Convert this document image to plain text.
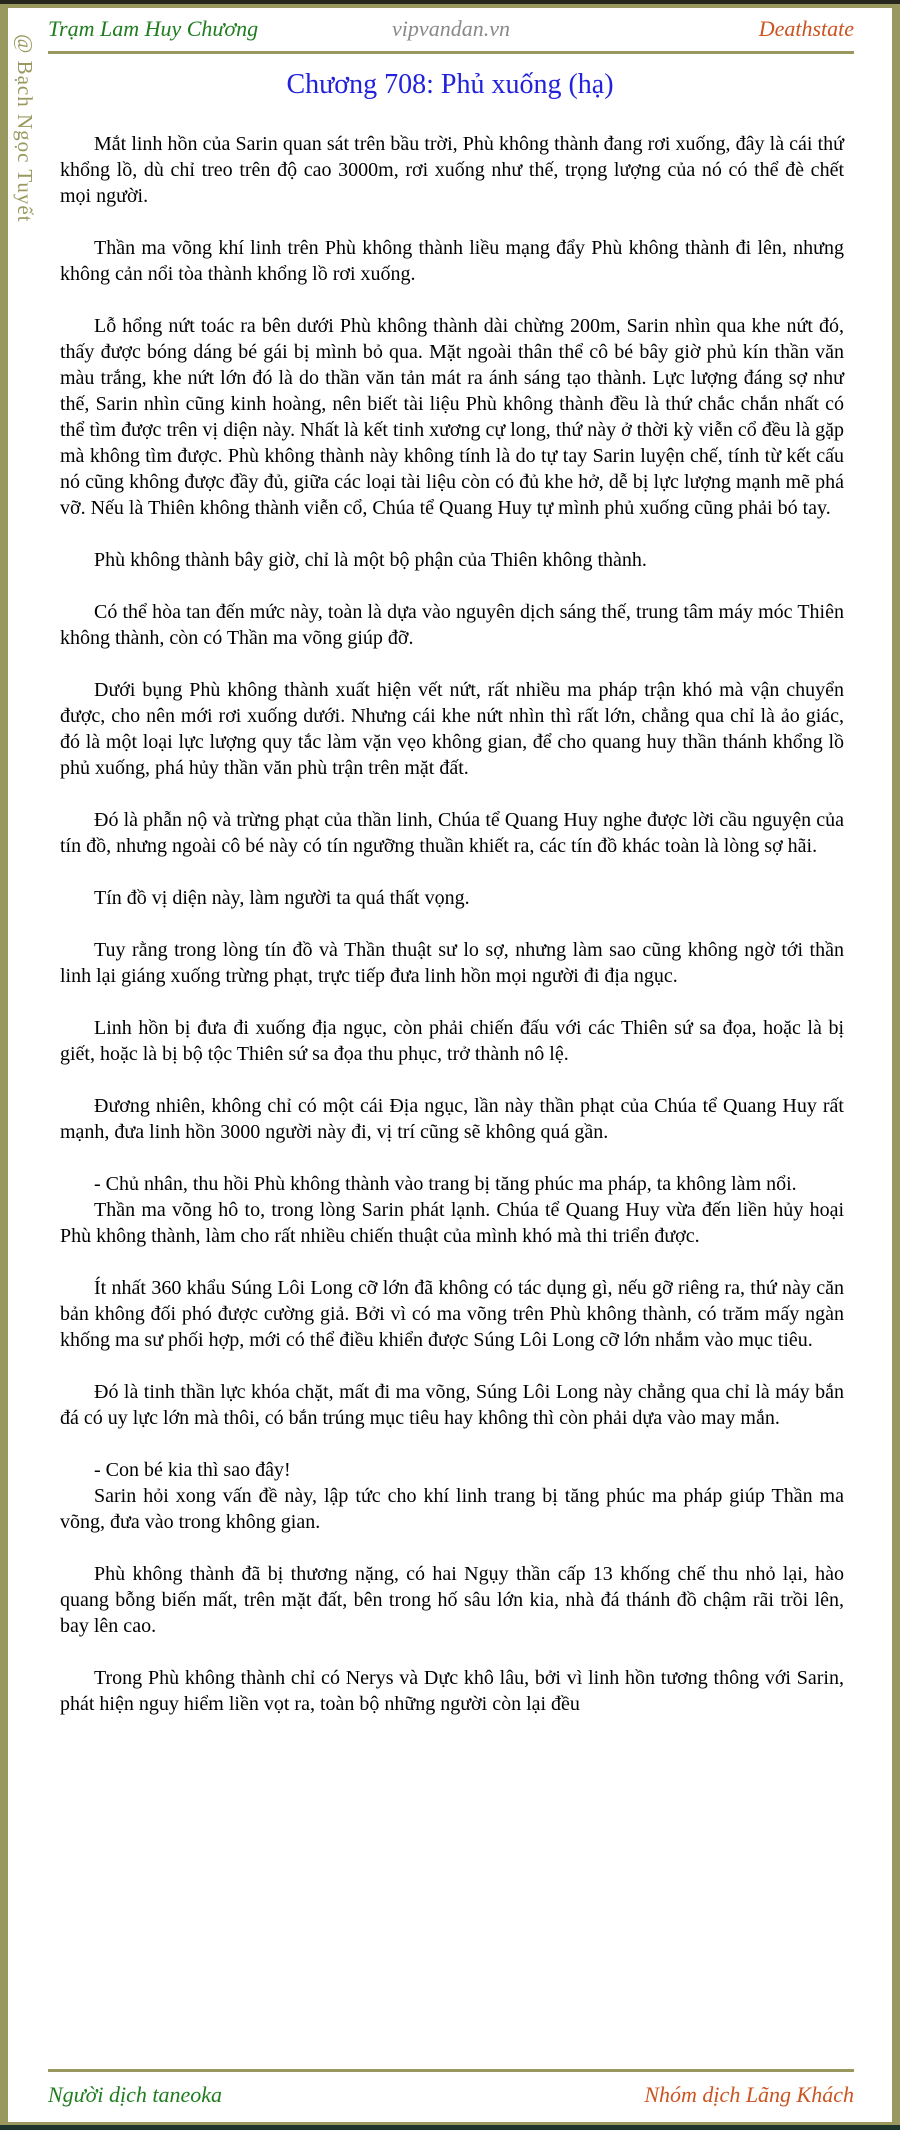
@ Bạch Ngọc Tuyết
Trạm Lam Huy Chương	vipvandan.vn	Deathstate
Chương 708: Phủ xuống (hạ)

Mắt linh hồn của Sarin quan sát trên bầu trời, Phù không thành đang rơi xuống, đây là cái thứ khổng lồ, dù chỉ treo trên độ cao 3000m, rơi xuống như thế, trọng lượng của nó có thể đè chết mọi người.

Thần ma võng khí linh trên Phù không thành liều mạng đẩy Phù không thành đi lên, nhưng không cản nổi tòa thành khổng lồ rơi xuống.

Lỗ hổng nứt toác ra bên dưới Phù không thành dài chừng 200m, Sarin nhìn qua khe nứt đó, thấy được bóng dáng bé gái bị mình bỏ qua. Mặt ngoài thân thể cô bé bây giờ phủ kín thần văn màu trắng, khe nứt lớn đó là do thần văn tản mát ra ánh sáng tạo thành. Lực lượng đáng sợ như thế, Sarin nhìn cũng kinh hoàng, nên biết tài liệu Phù không thành đều là thứ chắc chắn nhất có thể tìm được trên vị diện này. Nhất là kết tinh xương cự long, thứ này ở thời kỳ viễn cổ đều là gặp mà không tìm được. Phù không thành này không tính là do tự tay Sarin luyện chế, tính từ kết cấu nó cũng không được đầy đủ, giữa các loại tài liệu còn có đủ khe hở, dễ bị lực lượng mạnh mẽ phá vỡ. Nếu là Thiên không thành viễn cổ, Chúa tể Quang Huy tự mình phủ xuống cũng phải bó tay.

Phù không thành bây giờ, chỉ là một bộ phận của Thiên không thành.

Có thể hòa tan đến mức này, toàn là dựa vào nguyên dịch sáng thế, trung tâm máy móc Thiên không thành, còn có Thần ma võng giúp đỡ.

Dưới bụng Phù không thành xuất hiện vết nứt, rất nhiều ma pháp trận khó mà vận chuyển được, cho nên mới rơi xuống dưới. Nhưng cái khe nứt nhìn thì rất lớn, chẳng qua chỉ là ảo giác, đó là một loại lực lượng quy tắc làm vặn vẹo không gian, để cho quang huy thần thánh khổng lồ phủ xuống, phá hủy thần văn phù trận trên mặt đất.

Đó là phẫn nộ và trừng phạt của thần linh, Chúa tể Quang Huy nghe được lời cầu nguyện của tín đồ, nhưng ngoài cô bé này có tín ngưỡng thuần khiết ra, các tín đồ khác toàn là lòng sợ hãi.

Tín đồ vị diện này, làm người ta quá thất vọng.

Tuy rằng trong lòng tín đồ và Thần thuật sư lo sợ, nhưng làm sao cũng không ngờ tới thần linh lại giáng xuống trừng phạt, trực tiếp đưa linh hồn mọi người đi địa ngục.

Linh hồn bị đưa đi xuống địa ngục, còn phải chiến đấu với các Thiên sứ sa đọa, hoặc là bị giết, hoặc là bị bộ tộc Thiên sứ sa đọa thu phục, trở thành nô lệ.

Đương nhiên, không chỉ có một cái Địa ngục, lần này thần phạt của Chúa tể Quang Huy rất mạnh, đưa linh hồn 3000 người này đi, vị trí cũng sẽ không quá gần.

- Chủ nhân, thu hồi Phù không thành vào trang bị tăng phúc ma pháp, ta không làm nổi.

Thần ma võng hô to, trong lòng Sarin phát lạnh. Chúa tể Quang Huy vừa đến liền hủy hoại Phù không thành, làm cho rất nhiều chiến thuật của mình khó mà thi triển được.

Ít nhất 360 khẩu Súng Lôi Long cỡ lớn đã không có tác dụng gì, nếu gỡ riêng ra, thứ này căn bản không đối phó được cường giả. Bởi vì có ma võng trên Phù không thành, có trăm mấy ngàn khống ma sư phối hợp, mới có thể điều khiển được Súng Lôi Long cỡ lớn nhắm vào mục tiêu.

Đó là tinh thần lực khóa chặt, mất đi ma võng, Súng Lôi Long này chẳng qua chỉ là máy bắn đá có uy lực lớn mà thôi, có bắn trúng mục tiêu hay không thì còn phải dựa vào may mắn.

- Con bé kia thì sao đây!

Sarin hỏi xong vấn đề này, lập tức cho khí linh trang bị tăng phúc ma pháp giúp Thần ma võng, đưa vào trong không gian.

Phù không thành đã bị thương nặng, có hai Ngụy thần cấp 13 khống chế thu nhỏ lại, hào quang bỗng biến mất, trên mặt đất, bên trong hố sâu lớn kia, nhà đá thánh đồ chậm rãi trồi lên, bay lên cao.

Trong Phù không thành chỉ có Nerys và Dực khô lâu, bởi vì linh hồn tương thông với Sarin, phát hiện nguy hiểm liền vọt ra, toàn bộ những người còn lại đều

Người dịch taneoka	Nhóm dịch Lãng Khách
